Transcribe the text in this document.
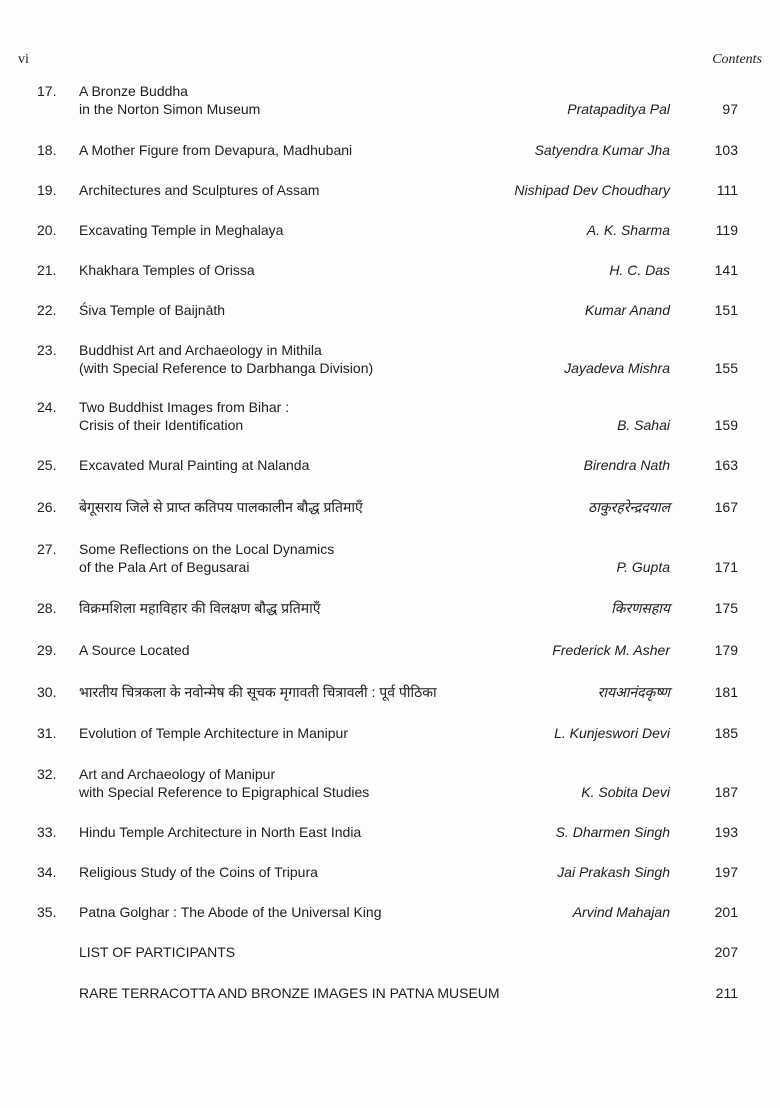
vi	Contents
17. A Bronze Buddha
in the Norton Simon Museum	Pratapaditya Pal	97
18. A Mother Figure from Devapura, Madhubani	Satyendra Kumar Jha	103
19. Architectures and Sculptures of Assam	Nishipad Dev Choudhary	111
20. Excavating Temple in Meghalaya	A. K. Sharma	119
21. Khakhara Temples of Orissa	H. C. Das	141
22. Śiva Temple of Baijnāth	Kumar Anand	151
23. Buddhist Art and Archaeology in Mithila
(with Special Reference to Darbhanga Division)	Jayadeva Mishra	155
24. Two Buddhist Images from Bihar :
Crisis of their Identification	B. Sahai	159
25. Excavated Mural Painting at Nalanda	Birendra Nath	163
26. बेगूसराय जिले से प्राप्त कतिपय पालकालीन बौद्ध प्रतिमाएँ	ठाकुरहरेन्द्रदयाल	167
27. Some Reflections on the Local Dynamics
of the Pala Art of Begusarai	P. Gupta	171
28. विक्रमशिला महाविहार की विलक्षण बौद्ध प्रतिमाएँ	किरणसहाय	175
29. A Source Located	Frederick M. Asher	179
30. भारतीय चित्रकला के नवोन्मेष की सूचक मृगावती चित्रावली : पूर्व पीठिका	रायआनंदकृष्ण	181
31. Evolution of Temple Architecture in Manipur	L. Kunjeswori Devi	185
32. Art and Archaeology of Manipur
with Special Reference to Epigraphical Studies	K. Sobita Devi	187
33. Hindu Temple Architecture in North East India	S. Dharmen Singh	193
34. Religious Study of the Coins of Tripura	Jai Prakash Singh	197
35. Patna Golghar : The Abode of the Universal King	Arvind Mahajan	201
LIST OF PARTICIPANTS	207
RARE TERRACOTTA AND BRONZE IMAGES IN PATNA MUSEUM	211
